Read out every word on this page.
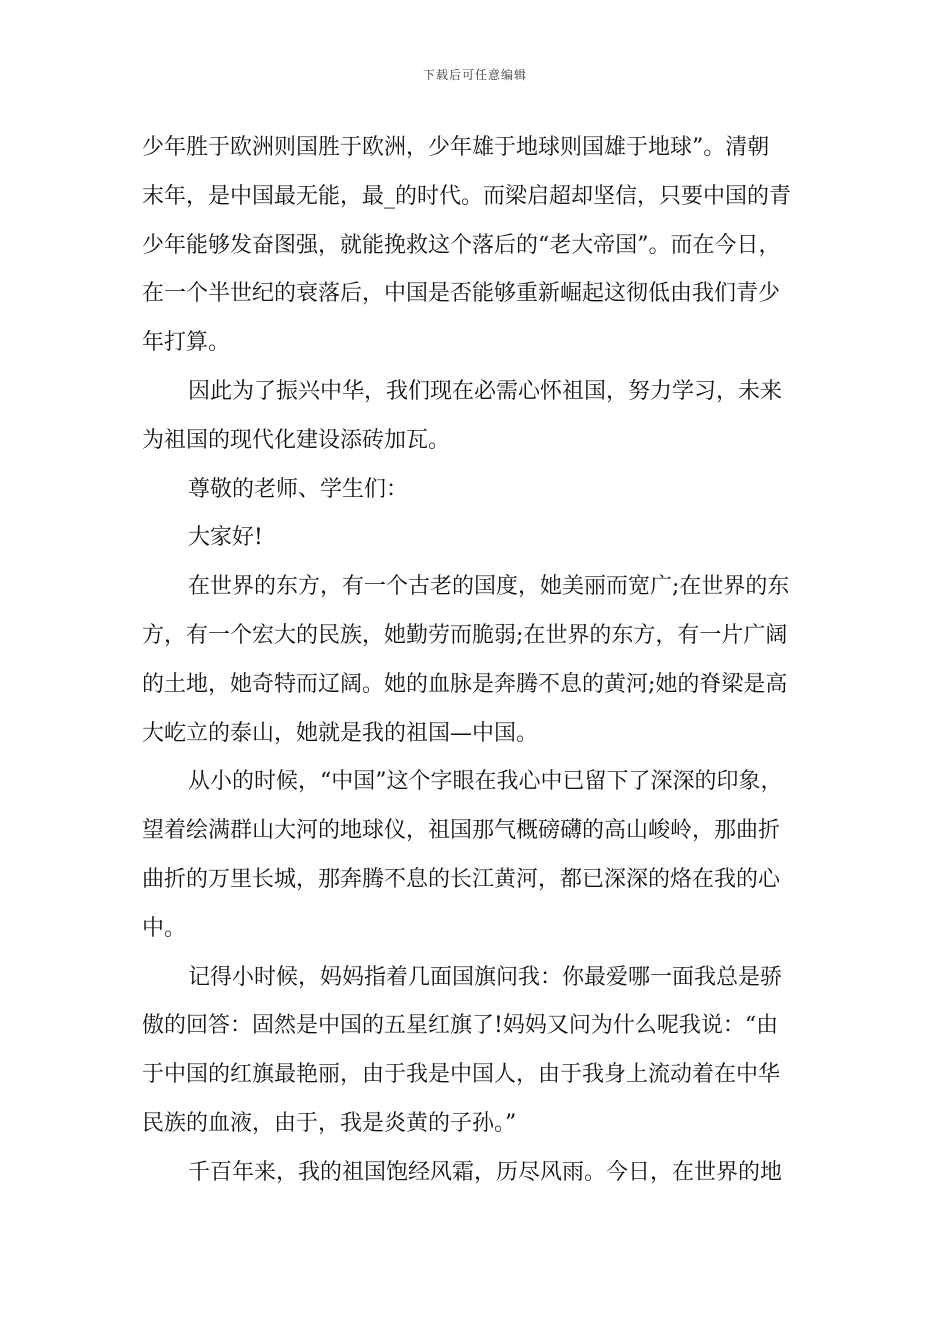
下载后可任意编辑
少年胜于欧洲则国胜于欧洲，少年雄于地球则国雄于地球”。清朝
末年，是中国最无能，最_的时代。而梁启超却坚信，只要中国的青
少年能够发奋图强，就能挽救这个落后的“老大帝国”。而在今日，
在一个半世纪的衰落后，中国是否能够重新崛起这彻低由我们青少
年打算。
因此为了振兴中华，我们现在必需心怀祖国，努力学习，未来
为祖国的现代化建设添砖加瓦。
尊敬的老师、学生们：
大家好!
在世界的东方，有一个古老的国度，她美丽而宽广;在世界的东
方，有一个宏大的民族，她勤劳而脆弱;在世界的东方，有一片广阔
的土地，她奇特而辽阔。她的血脉是奔腾不息的黄河;她的脊梁是高
大屹立的泰山，她就是我的祖国—中国。
从小的时候，“中国”这个字眼在我心中已留下了深深的印象，
望着绘满群山大河的地球仪，祖国那气概磅礴的高山峻岭，那曲折
曲折的万里长城，那奔腾不息的长江黄河，都已深深的烙在我的心
中。
记得小时候，妈妈指着几面国旗问我：你最爱哪一面我总是骄
傲的回答：固然是中国的五星红旗了!妈妈又问为什么呢我说：“由
于中国的红旗最艳丽，由于我是中国人，由于我身上流动着在中华
民族的血液，由于，我是炎黄的子孙。”
千百年来，我的祖国饱经风霜，历尽风雨。今日，在世界的地
